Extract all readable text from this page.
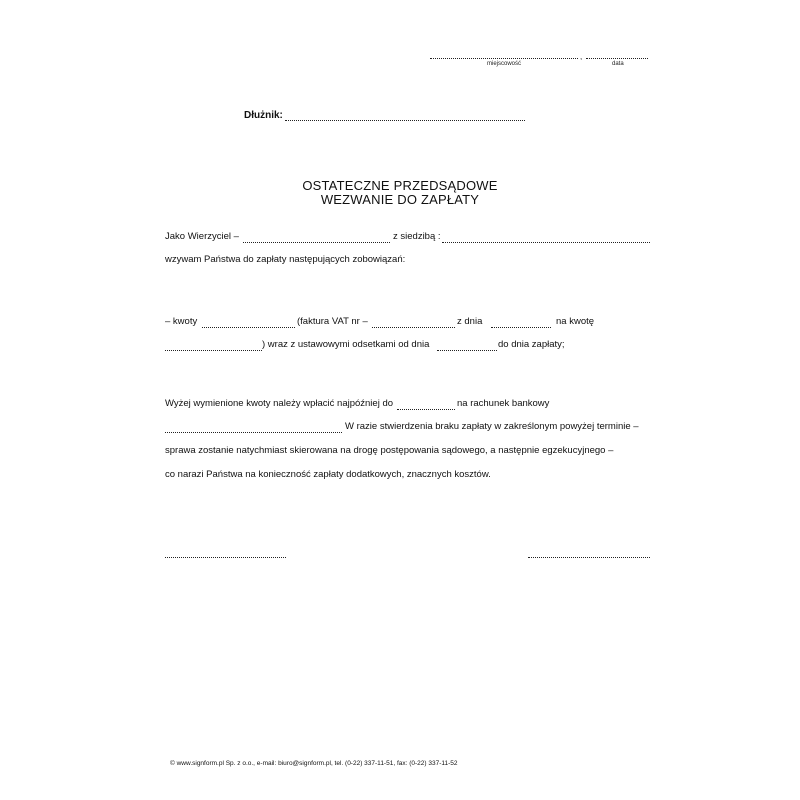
,
miejscowość	data
Dłużnik:
OSTATECZNE PRZEDSĄDOWE
WEZWANIE DO ZAPŁATY
Jako Wierzyciel –	z siedzibą :
wzywam Państwa do zapłaty następujących zobowiązań:
– kwoty	(faktura VAT nr –	z dnia	na kwotę
) wraz z ustawowymi odsetkami od dnia	do dnia zapłaty;
Wyżej wymienione kwoty należy wpłacić najpóźniej do	na rachunek bankowy
W razie stwierdzenia braku zapłaty w zakreślonym powyżej terminie –
sprawa zostanie natychmiast skierowana na drogę postępowania sądowego, a następnie egzekucyjnego –
co narazi Państwa na konieczność zapłaty dodatkowych, znacznych kosztów.
© www.signform.pl Sp. z o.o., e-mail: biuro@signform.pl, tel. (0-22) 337-11-51, fax: (0-22) 337-11-52
